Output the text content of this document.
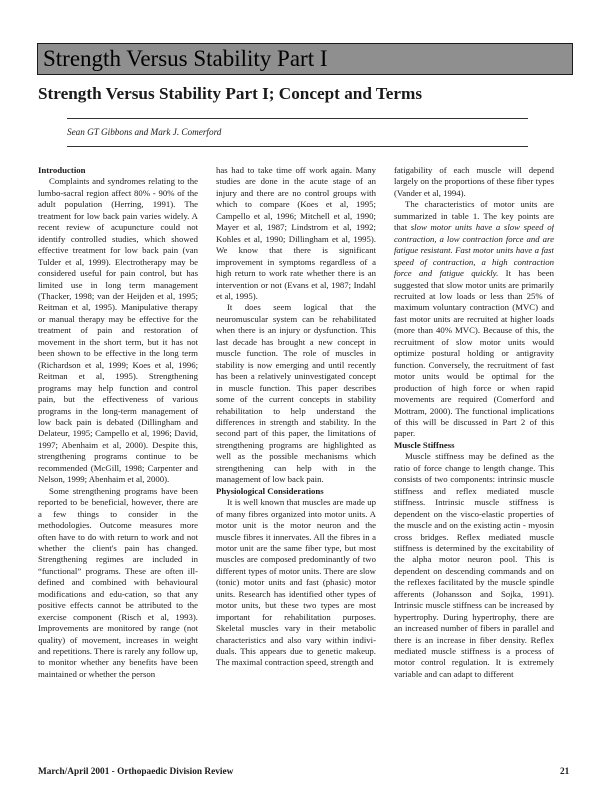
Strength Versus Stability Part I
Strength Versus Stability Part I; Concept and Terms
Sean GT Gibbons and Mark J. Comerford
Introduction

Complaints and syndromes relating to the lumbo-sacral region affect 80% - 90% of the adult population (Herring, 1991). The treatment for low back pain varies widely. A recent review of acupuncture could not identify controlled studies, which showed effective treatment for low back pain (van Tulder et al, 1999). Electrotherapy may be considered useful for pain control, but has limited use in long term management (Thacker, 1998; van der Heijden et al, 1995; Reitman et al, 1995). Manipulative therapy or manual therapy may be effective for the treatment of pain and restoration of movement in the short term, but it has not been shown to be effective in the long term (Richardson et al, 1999; Koes et al, 1996; Reitman et al, 1995). Strengthening programs may help function and control pain, but the effectiveness of various programs in the long-term management of low back pain is debated (Dillingham and Delateur, 1995; Campello et al, 1996; David, 1997; Abenhaim et al, 2000). Despite this, strengthening programs continue to be recommended (McGill, 1998; Carpenter and Nelson, 1999; Abenhaim et al, 2000).

Some strengthening programs have been reported to be beneficial, however, there are a few things to consider in the methodologies. Outcome measures more often have to do with return to work and not whether the client's pain has changed. Strengthening regimes are included in “functional” programs. These are often ill-defined and combined with behavioural modifications and edu-cation, so that any positive effects cannot be attributed to the exercise component (Risch et al, 1993). Improvements are monitored by range (not quality) of movement, increases in weight and repetitions. There is rarely any follow up, to monitor whether any benefits have been maintained or whether the person

has had to take time off work again. Many studies are done in the acute stage of an injury and there are no control groups with which to compare (Koes et al, 1995; Campello et al, 1996; Mitchell et al, 1990; Mayer et al, 1987; Lindstrom et al, 1992; Kohles et al, 1990; Dillingham et al, 1995). We know that there is significant improvement in symptoms regardless of a high return to work rate whether there is an intervention or not (Evans et al, 1987; Indahl et al, 1995).

It does seem logical that the neuromuscular system can be rehabilitated when there is an injury or dysfunction. This last decade has brought a new concept in muscle function. The role of muscles in stability is now emerging and until recently has been a relatively uninvestigated concept in muscle function. This paper describes some of the current concepts in stability rehabilitation to help understand the differences in strength and stability. In the second part of this paper, the limitations of strengthening programs are highlighted as well as the possible mechanisms which strengthening can help with in the management of low back pain.

Physiological Considerations

It is well known that muscles are made up of many fibres organized into motor units. A motor unit is the motor neuron and the muscle fibres it innervates. All the fibres in a motor unit are the same fiber type, but most muscles are composed predominantly of two different types of motor units. There are slow (tonic) motor units and fast (phasic) motor units. Research has identified other types of motor units, but these two types are most important for rehabilitation purposes. Skeletal muscles vary in their metabolic characteristics and also vary within indivi-duals. This appears due to genetic makeup. The maximal contraction speed, strength and

fatigability of each muscle will depend largely on the proportions of these fiber types (Vander et al, 1994).

The characteristics of motor units are summarized in table 1. The key points are that slow motor units have a slow speed of contraction, a low contraction force and are fatigue resistant. Fast motor units have a fast speed of contraction, a high contraction force and fatigue quickly. It has been suggested that slow motor units are primarily recruited at low loads or less than 25% of maximum voluntary contraction (MVC) and fast motor units are recruited at higher loads (more than 40% MVC). Because of this, the recruitment of slow motor units would optimize postural holding or antigravity function. Conversely, the recruitment of fast motor units would be optimal for the production of high force or when rapid movements are required (Comerford and Mottram, 2000). The functional implications of this will be discussed in Part 2 of this paper.

Muscle Stiffness

Muscle stiffness may be defined as the ratio of force change to length change. This consists of two components: intrinsic muscle stiffness and reflex mediated muscle stiffness. Intrinsic muscle stiffness is dependent on the visco-elastic properties of the muscle and on the existing actin - myosin cross bridges. Reflex mediated muscle stiffness is determined by the excitability of the alpha motor neuron pool. This is dependent on descending commands and on the reflexes facilitated by the muscle spindle afferents (Johansson and Sojka, 1991). Intrinsic muscle stiffness can be increased by hypertrophy. During hypertrophy, there are an increased number of fibers in parallel and there is an increase in fiber density. Reflex mediated muscle stiffness is a process of motor control regulation. It is extremely variable and can adapt to different

March/April 2001 - Orthopaedic Division Review	21
